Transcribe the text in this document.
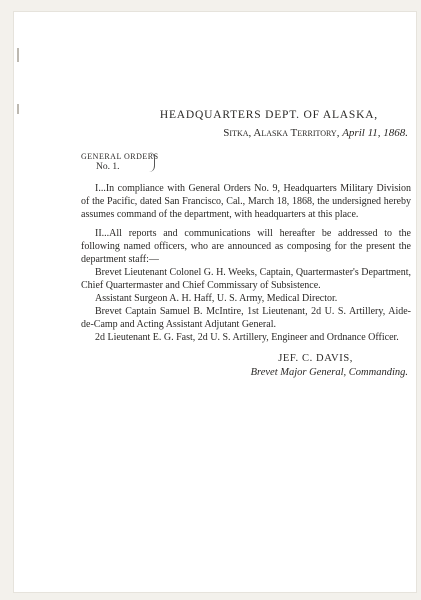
HEADQUARTERS DEPT. OF ALASKA,
Sitka, Alaska Territory, April 11, 1868.
GENERAL ORDERS
No. 1.

I...In compliance with General Orders No. 9, Headquarters Military Division of the Pacific, dated San Francisco, Cal., March 18, 1868, the undersigned hereby assumes command of the department, with headquarters at this place.

II...All reports and communications will hereafter be addressed to the following named officers, who are announced as composing for the present the department staff:—

Brevet Lieutenant Colonel G. H. Weeks, Captain, Quartermaster's Department, Chief Quartermaster and Chief Commissary of Subsistence.

Assistant Surgeon A. H. Haff, U. S. Army, Medical Director.

Brevet Captain Samuel B. McIntire, 1st Lieutenant, 2d U. S. Artillery, Aide-de-Camp and Acting Assistant Adjutant General.

2d Lieutenant E. G. Fast, 2d U. S. Artillery, Engineer and Ordnance Officer.

JEF. C. DAVIS,
Brevet Major General, Commanding.
